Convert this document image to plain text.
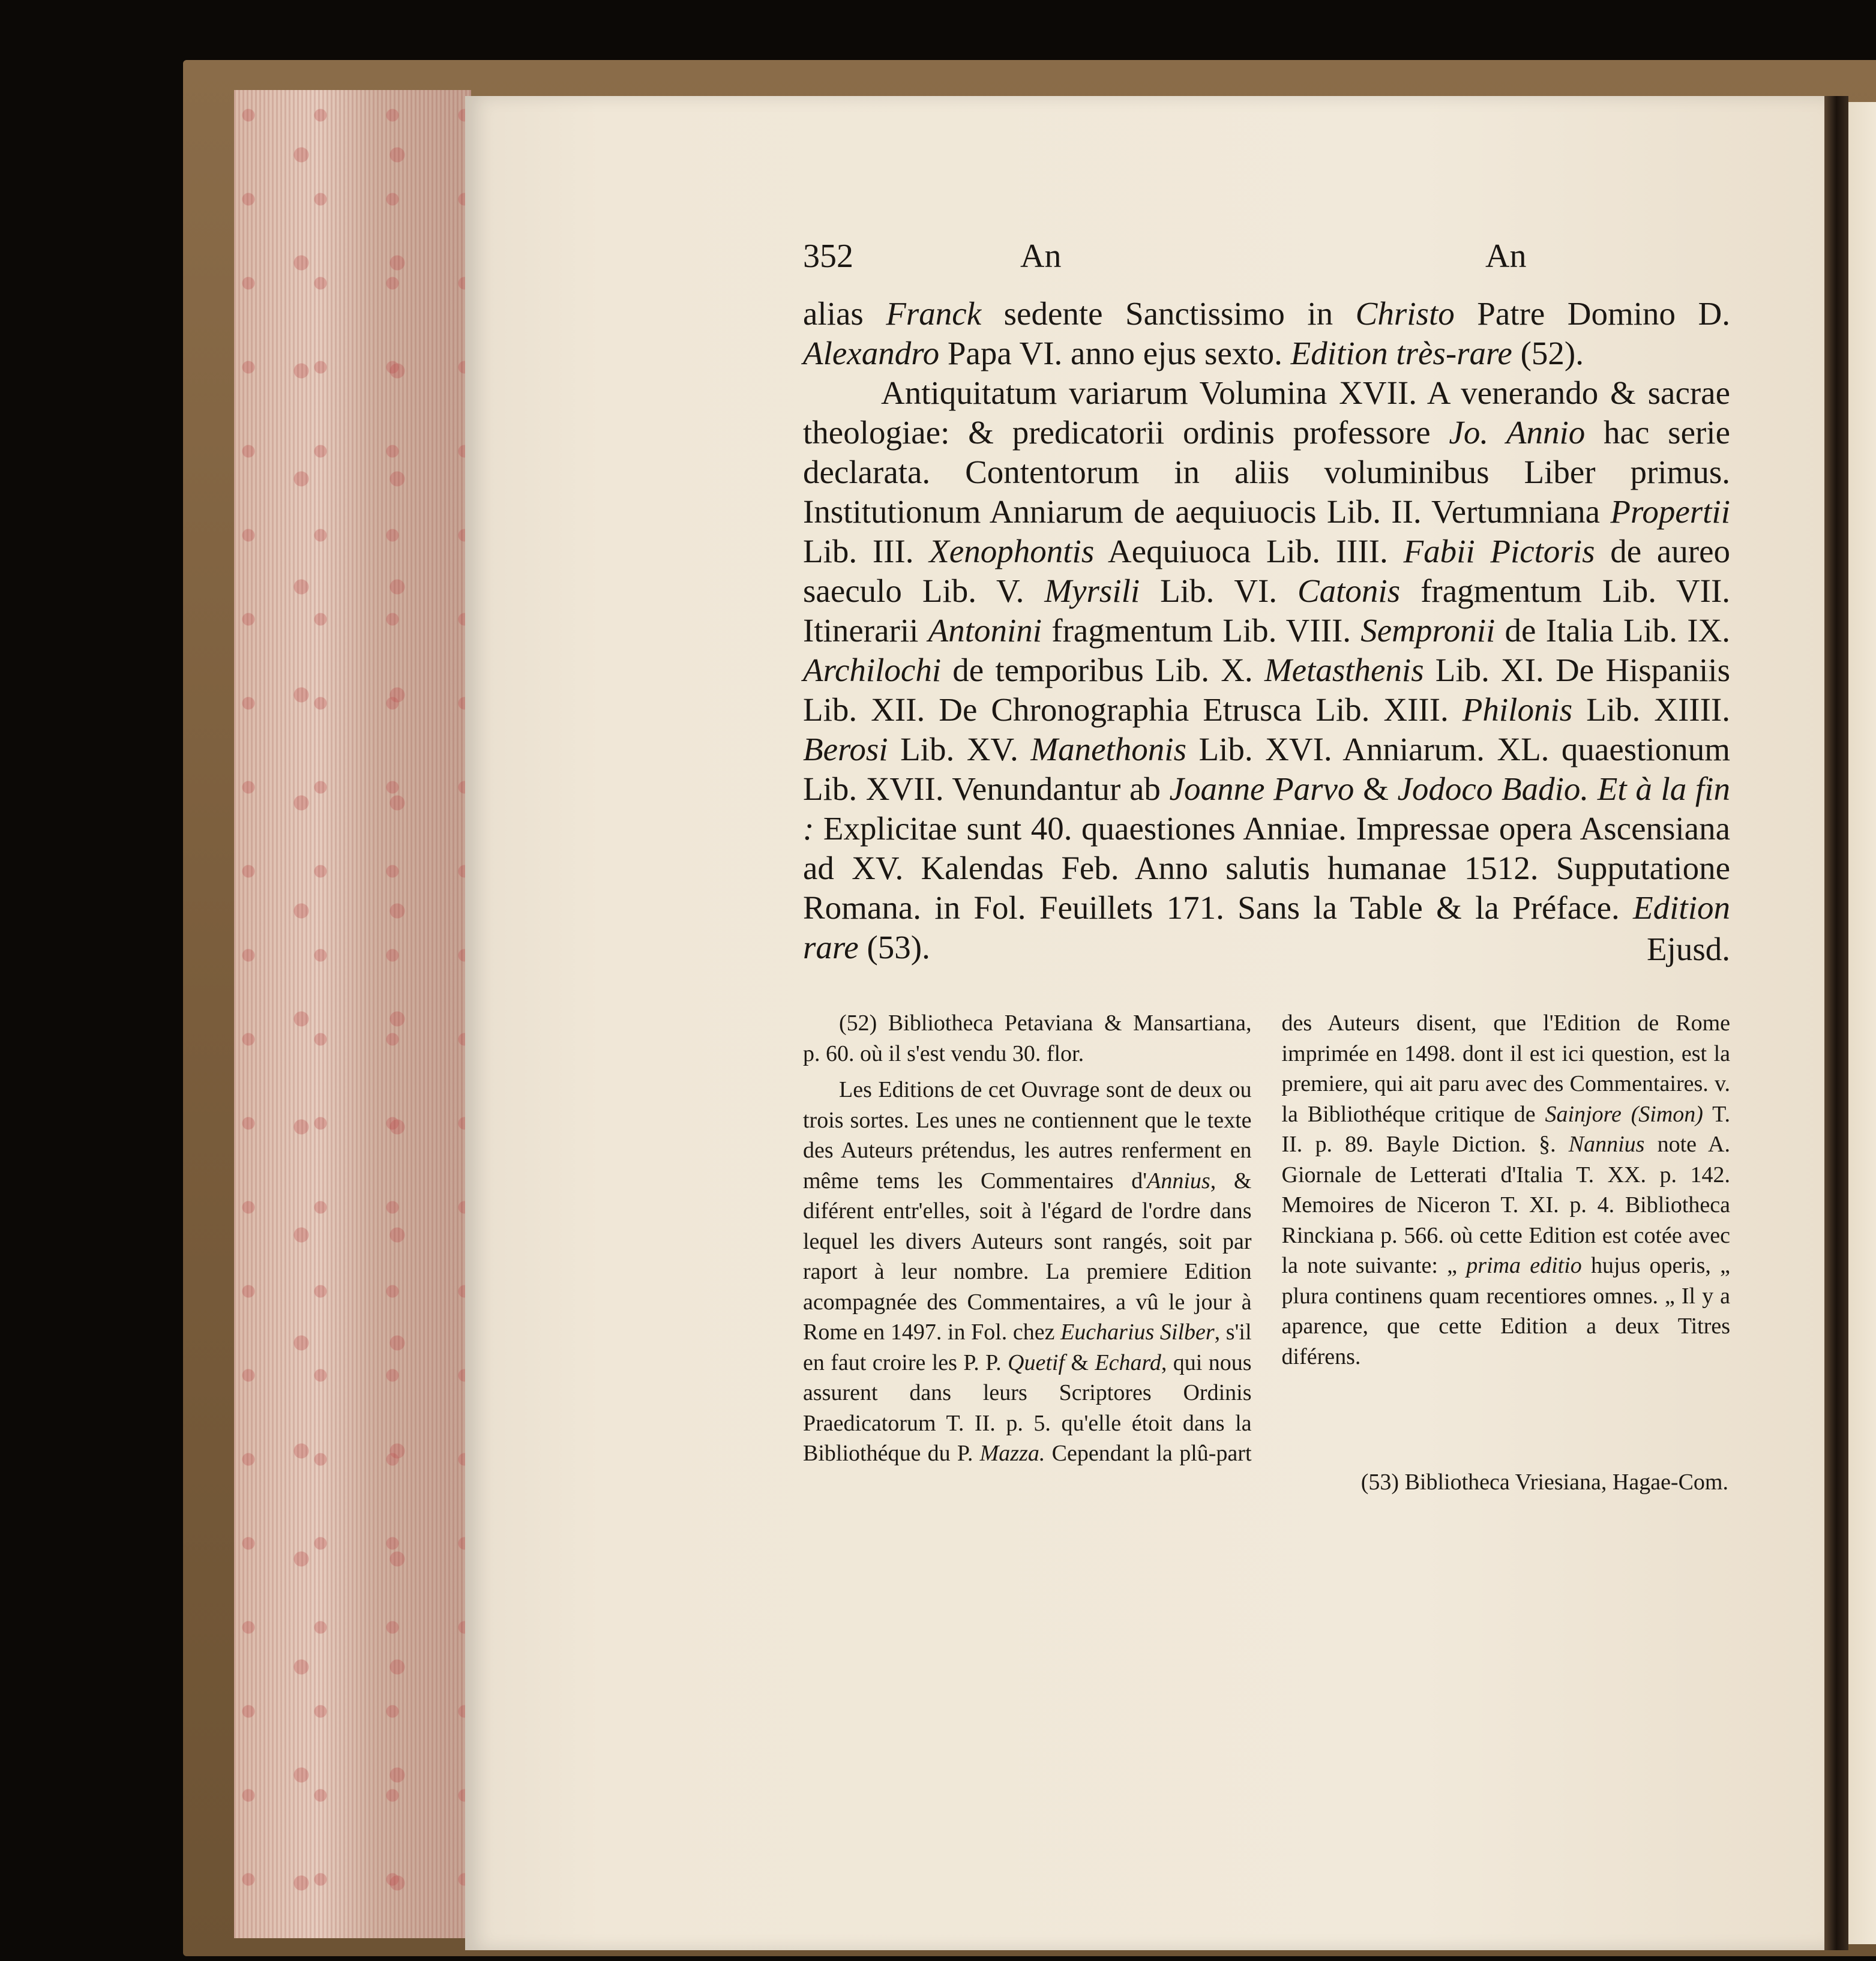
352	An	An

alias Franck sedente Sanctissimo in Christo Patre Domino D. Alexandro Papa VI. anno ejus sexto. Edition très-rare (52).

Antiquitatum variarum Volumina XVII. A venerando & sacrae theologiae: & predicatorii ordinis professore Jo. Annio hac serie declarata. Contentorum in aliis voluminibus Liber primus. Institutionum Anniarum de aequiuocis Lib. II. Vertumniana Propertii Lib. III. Xenophontis Aequiuoca Lib. IIII. Fabii Pictoris de aureo saeculo Lib. V. Myrsili Lib. VI. Catonis fragmentum Lib. VII. Itinerarii Antonini fragmentum Lib. VIII. Sempronii de Italia Lib. IX. Archilochi de temporibus Lib. X. Metasthenis Lib. XI. De Hispaniis Lib. XII. De Chronographia Etrusca Lib. XIII. Philonis Lib. XIIII. Berosi Lib. XV. Manethonis Lib. XVI. Anniarum. XL. quaestionum Lib. XVII. Venundantur ab Joanne Parvo & Jodoco Badio. Et à la fin : Explicitae sunt 40. quaestiones Anniae. Impressae opera Ascensiana ad XV. Kalendas Feb. Anno salutis humanae 1512. Supputatione Romana. in Fol. Feuillets 171. Sans la Table & la Préface. Edition rare (53).	Ejusd.

(52) Bibliotheca Petaviana & Mansartiana, p. 60. où il s'est vendu 30. flor.

Les Editions de cet Ouvrage sont de deux ou trois sortes. Les unes ne contiennent que le texte des Auteurs prétendus, les autres renferment en même tems les Commentaires d'Annius, & diférent entr'elles, soit à l'égard de l'ordre dans lequel les divers Auteurs sont rangés, soit par raport à leur nombre. La premiere Edition acompagnée des Commentaires, a vû le jour à Rome en 1497. in Fol. chez Eucharius Silber, s'il en faut croire les P. P. Quetif & Echard, qui nous assurent dans leurs Scriptores Ordinis Praedicatorum T. II. p. 5. qu'elle étoit dans la Bibliothéque du P. Mazza. Cependant la plû-part des Auteurs disent, que l'Edition de Rome imprimée en 1498. dont il est ici question, est la premiere, qui ait paru avec des Commentaires. v. la Bibliothéque critique de Sainjore (Simon) T. II. p. 89. Bayle Diction. §. Nannius note A. Giornale de Letterati d'Italia T. XX. p. 142. Memoires de Niceron T. XI. p. 4. Bibliotheca Rinckiana p. 566. où cette Edition est cotée avec la note suivante: „ prima editio hujus operis, „ plura continens quam recentiores omnes. „ Il y a aparence, que cette Edition a deux Titres diférens.

(53) Bibliotheca Vriesiana, Hagae-Com.
